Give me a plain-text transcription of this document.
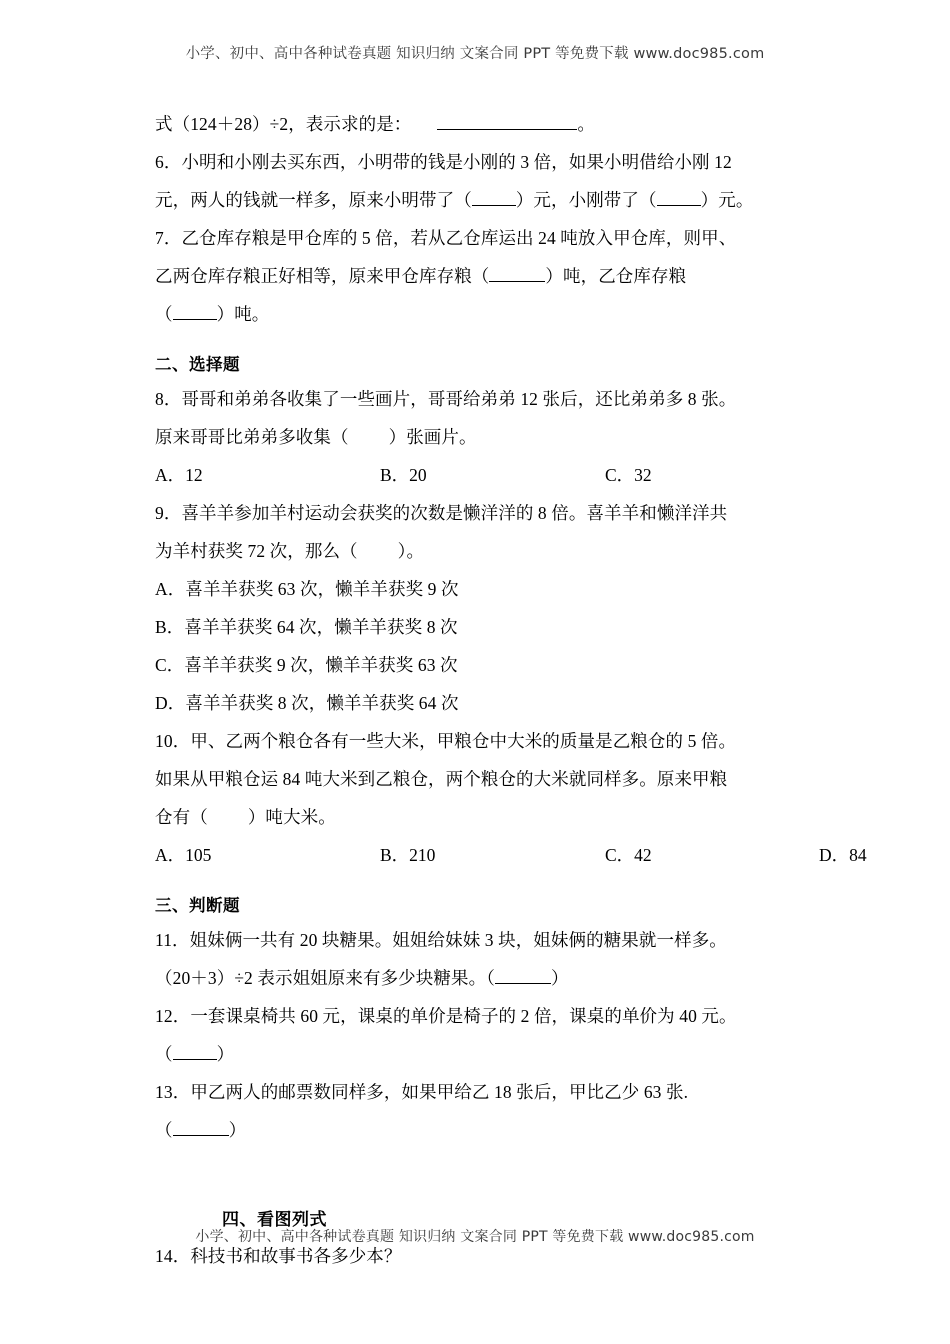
小学、初中、高中各种试卷真题 知识归纳 文案合同 PPT 等免费下载 www.doc985.com
式（124＋28）÷2，表示求的是：	。
6．小明和小刚去买东西，小明带的钱是小刚的 3 倍，如果小明借给小刚 12
元，两人的钱就一样多，原来小明带了（	）元，小刚带了（	）元。
7．乙仓库存粮是甲仓库的 5 倍，若从乙仓库运出 24 吨放入甲仓库，则甲、
乙两仓库存粮正好相等，原来甲仓库存粮（	）吨，乙仓库存粮
（	）吨。
二、选择题
8．哥哥和弟弟各收集了一些画片，哥哥给弟弟 12 张后，还比弟弟多 8 张。
原来哥哥比弟弟多收集（ ）张画片。
A．12	B．20	C．32
9．喜羊羊参加羊村运动会获奖的次数是懒洋洋的 8 倍。喜羊羊和懒洋洋共
为羊村获奖 72 次，那么（ ）。
A．喜羊羊获奖 63 次，懒羊羊获奖 9 次
B．喜羊羊获奖 64 次，懒羊羊获奖 8 次
C．喜羊羊获奖 9 次，懒羊羊获奖 63 次
D．喜羊羊获奖 8 次，懒羊羊获奖 64 次
10．甲、乙两个粮仓各有一些大米，甲粮仓中大米的质量是乙粮仓的 5 倍。
如果从甲粮仓运 84 吨大米到乙粮仓，两个粮仓的大米就同样多。原来甲粮
仓有（ ）吨大米。
A．105	B．210	C．42	D．84
三、判断题
11．姐妹俩一共有 20 块糖果。姐姐给妹妹 3 块，姐妹俩的糖果就一样多。
（20＋3）÷2 表示姐姐原来有多少块糖果。（	）
12．一套课桌椅共 60 元，课桌的单价是椅子的 2 倍，课桌的单价为 40 元。
（	）
13．甲乙两人的邮票数同样多，如果甲给乙 18 张后，甲比乙少 63 张.
（	）
四、看图列式
14．科技书和故事书各多少本？
小学、初中、高中各种试卷真题 知识归纳 文案合同 PPT 等免费下载 www.doc985.com
